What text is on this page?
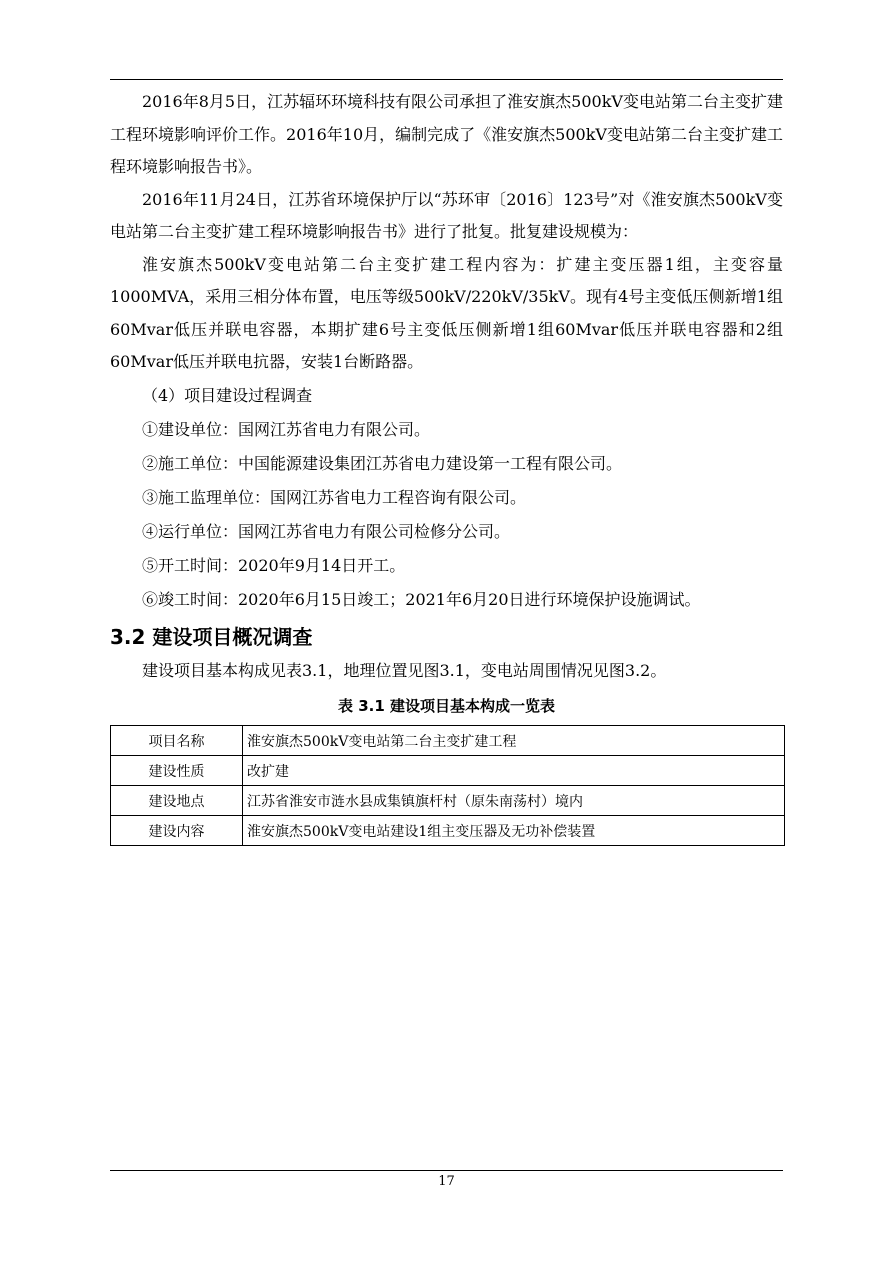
2016年8月5日，江苏辐环环境科技有限公司承担了淮安旗杰500kV变电站第二台主变扩建工程环境影响评价工作。2016年10月，编制完成了《淮安旗杰500kV变电站第二台主变扩建工程环境影响报告书》。

2016年11月24日，江苏省环境保护厅以“苏环审〔2016〕123号”对《淮安旗杰500kV变电站第二台主变扩建工程环境影响报告书》进行了批复。批复建设规模为：

淮安旗杰500kV变电站第二台主变扩建工程内容为：扩建主变压器1组，主变容量1000MVA，采用三相分体布置，电压等级500kV/220kV/35kV。现有4号主变低压侧新增1组60Mvar低压并联电容器，本期扩建6号主变低压侧新增1组60Mvar低压并联电容器和2组60Mvar低压并联电抗器，安装1台断路器。

（4）项目建设过程调查

①建设单位：国网江苏省电力有限公司。

②施工单位：中国能源建设集团江苏省电力建设第一工程有限公司。

③施工监理单位：国网江苏省电力工程咨询有限公司。

④运行单位：国网江苏省电力有限公司检修分公司。

⑤开工时间：2020年9月14日开工。

⑥竣工时间：2020年6月15日竣工；2021年6月20日进行环境保护设施调试。

3.2 建设项目概况调查

建设项目基本构成见表3.1，地理位置见图3.1，变电站周围情况见图3.2。

表 3.1 建设项目基本构成一览表
项目名称	淮安旗杰500kV变电站第二台主变扩建工程
建设性质	改扩建
建设地点	江苏省淮安市涟水县成集镇旗杆村（原朱南荡村）境内
建设内容	淮安旗杰500kV变电站建设1组主变压器及无功补偿装置
17
